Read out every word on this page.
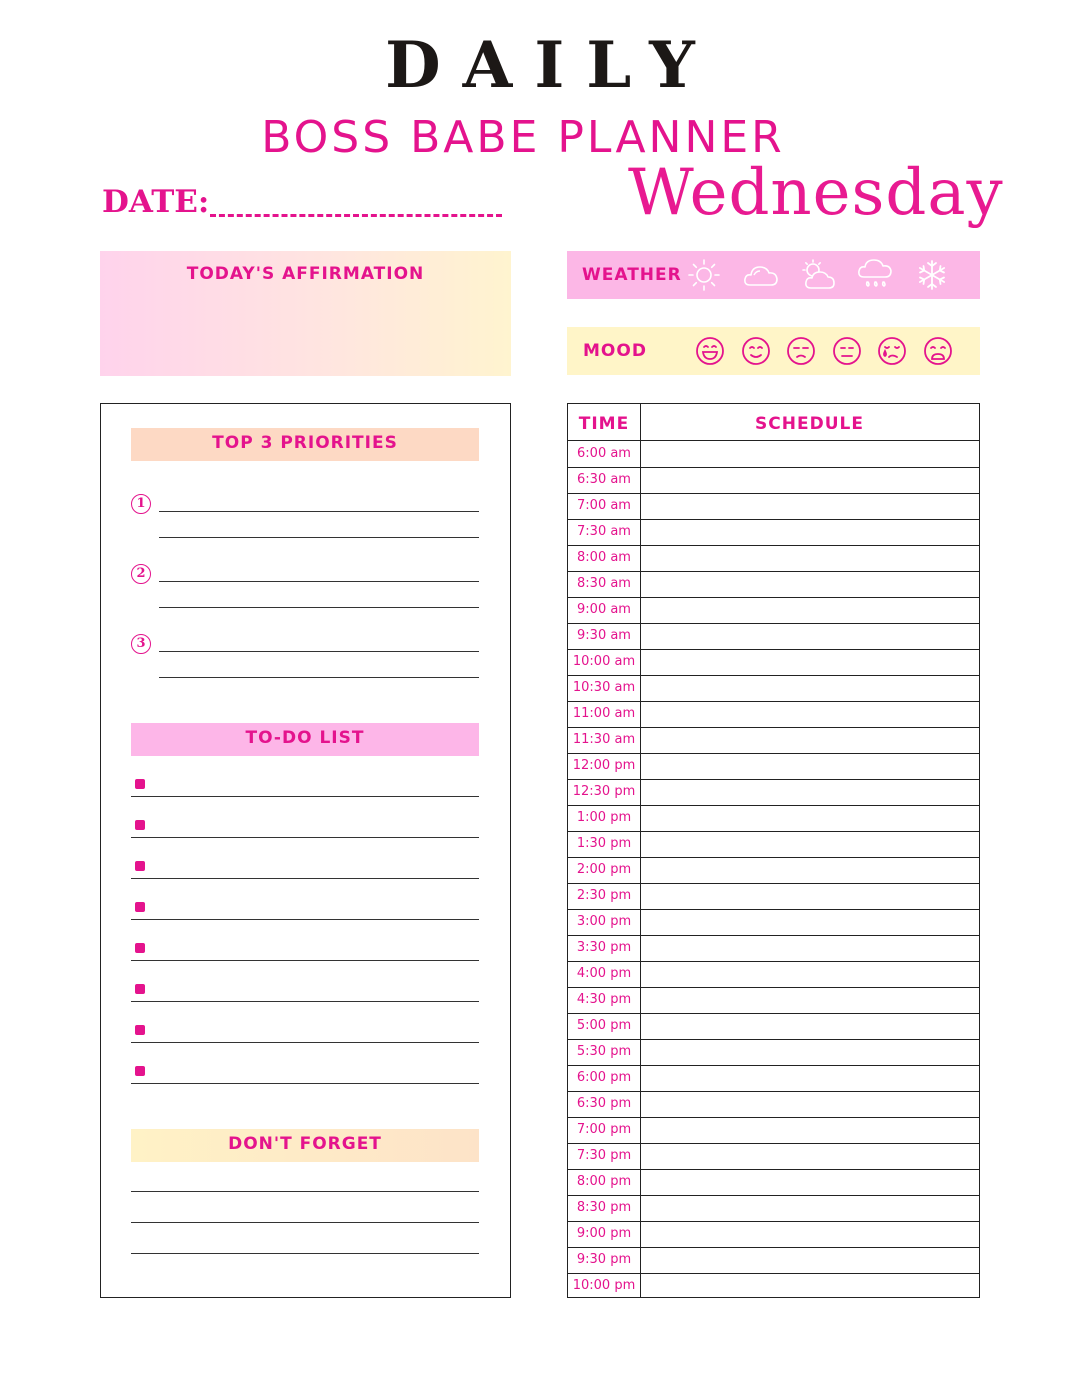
DAILY
BOSS BABE PLANNER
DATE:	Wednesday
TODAY'S AFFIRMATION	WEATHER
MOOD
TOP 3 PRIORITIES
1
2
3
TO-DO LIST
DON'T FORGET
TIME	SCHEDULE
6:00 am
6:30 am
7:00 am
7:30 am
8:00 am
8:30 am
9:00 am
9:30 am
10:00 am
10:30 am
11:00 am
11:30 am
12:00 pm
12:30 pm
1:00 pm
1:30 pm
2:00 pm
2:30 pm
3:00 pm
3:30 pm
4:00 pm
4:30 pm
5:00 pm
5:30 pm
6:00 pm
6:30 pm
7:00 pm
7:30 pm
8:00 pm
8:30 pm
9:00 pm
9:30 pm
10:00 pm
